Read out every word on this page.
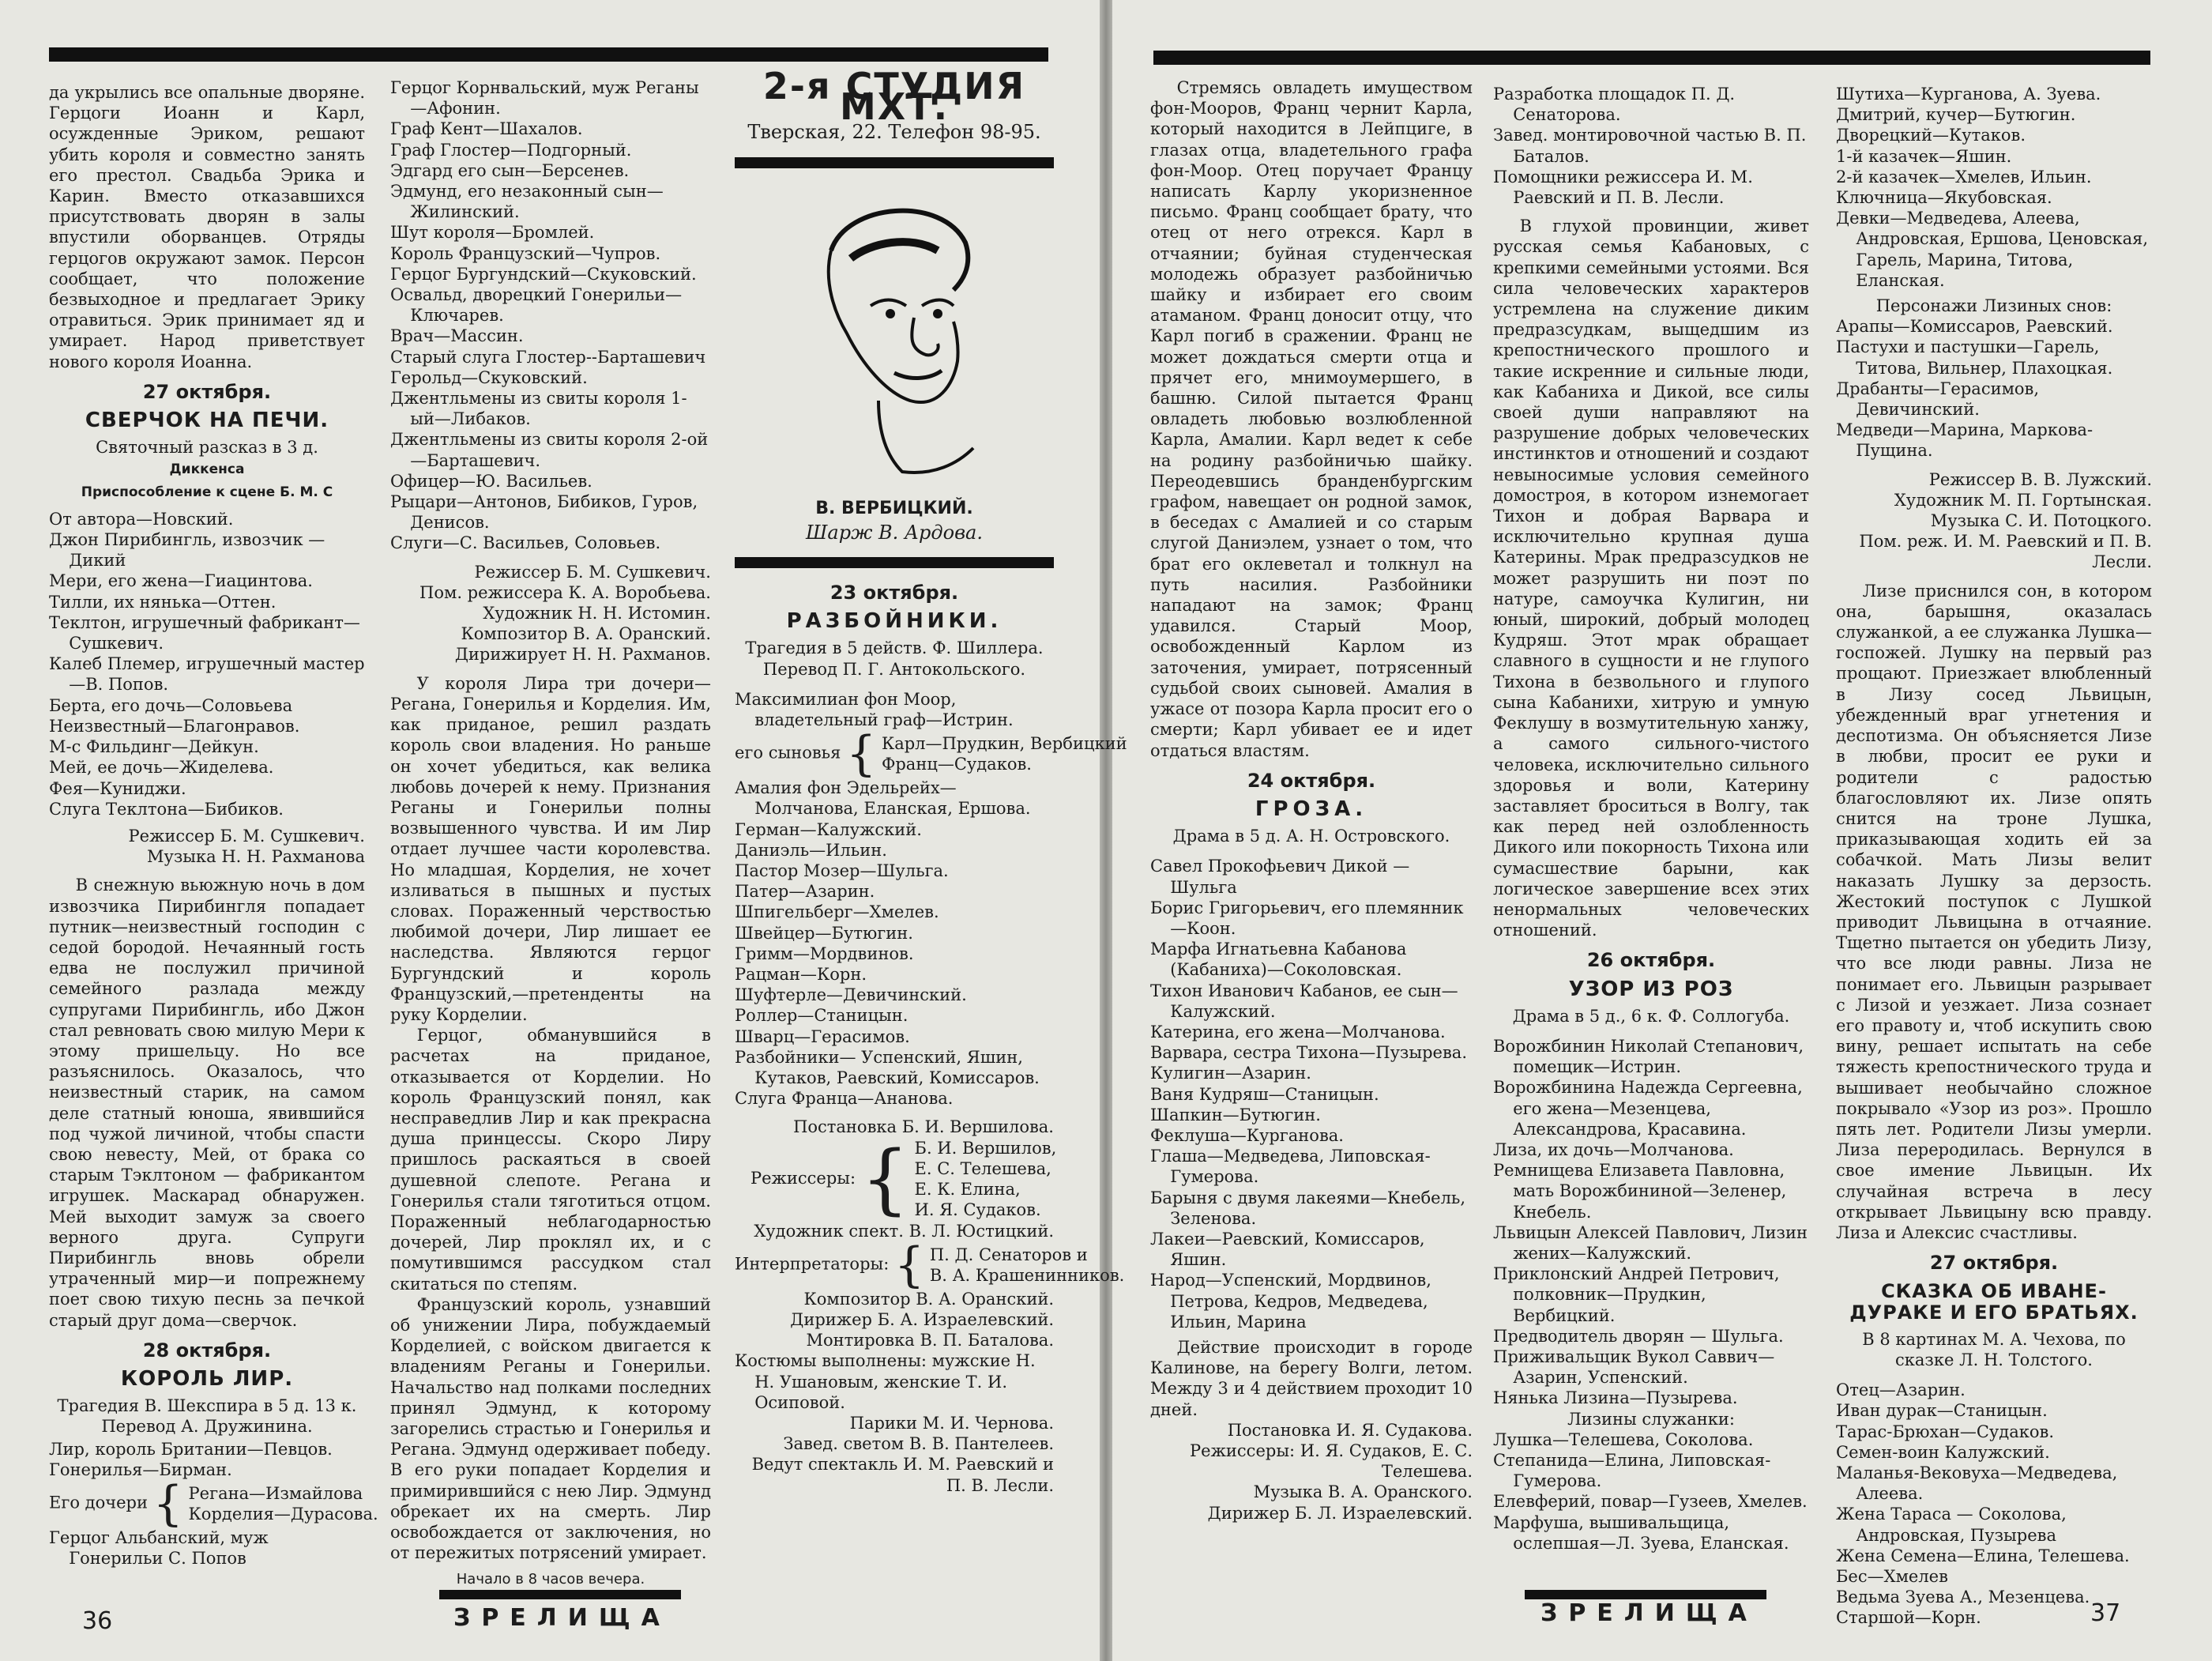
да укрылись все опальные дворяне. Герцоги Иоанн и Карл, осужденные Эриком, решают убить короля и совместно занять его престол. Свадьба Эрика и Карин. Вместо отказавшихся присутствовать дворян в залы впустили оборванцев. Отряды герцогов окружают замок. Персон сообщает, что положение безвыходное и предлагает Эрику отравиться. Эрик принимает яд и умирает. Народ приветствует нового короля Иоанна.

27 октября.
СВЕРЧОК НА ПЕЧИ.
Святочный разсказ в 3 д.
Диккенса
Приспособление к сцене Б. М. С
От автора—Новский.
Джон Пирибингль, извозчик — Дикий
Мери, его жена—Гиацинтова.
Тилли, их нянька—Оттен.
Теклтон, игрушечный фабрикант—Сушкевич.
Калеб Племер, игрушечный мастер—В. Попов.
Берта, его дочь—Соловьева
Неизвестный—Благонравов.
М-с Фильдинг—Дейкун.
Мей, ее дочь—Жиделева.
Фея—Куниджи.
Слуга Теклтона—Бибиков.
Режиссер Б. М. Сушкевич.
Музыка Н. Н. Рахманова

В снежную вьюжную ночь в дом извозчика Пирибингля попадает путник—неизвестный господин с седой бородой. Нечаянный гость едва не послужил причиной семейного разлада между супругами Пирибингль, ибо Джон стал ревновать свою милую Мери к этому пришельцу. Но все разъяснилось. Оказалось, что неизвестный старик, на самом деле статный юноша, явившийся под чужой личиной, чтобы спасти свою невесту, Мей, от брака со старым Тэклтоном — фабрикантом игрушек. Маскарад обнаружен. Мей выходит замуж за своего верного друга. Супруги Пирибингль вновь обрели утраченный мир—и попрежнему поет свою тихую песнь за печкой старый друг дома—сверчок.

28 октября.
КОРОЛЬ ЛИР.
Трагедия В. Шекспира в 5 д. 13 к. Перевод А. Дружинина.
Лир, король Британии—Певцов.
Гонерилья—Бирман.
Его дочери { Регана—Измайлова
Корделия—Дурасова.
Герцог Альбанский, муж Гонерильи С. Попов
Герцог Корнвальский, муж Реганы—Афонин.
Граф Кент—Шахалов.
Граф Глостер—Подгорный.
Эдгард его сын—Берсенев.
Эдмунд, его незаконный сын—Жилинский.
Шут короля—Бромлей.
Король Французский—Чупров.
Герцог Бургундский—Скуковский.
Освальд, дворецкий Гонерильи—Ключарев.
Врач—Массин.
Старый слуга Глостер--Барташевич
Герольд—Скуковский.
Джентльмены из свиты короля 1-ый—Либаков.
Джентльмены из свиты короля 2-ой—Барташевич.
Офицер—Ю. Васильев.
Рыцари—Антонов, Бибиков, Гуров, Денисов.
Слуги—С. Васильев, Соловьев.
Режиссер Б. М. Сушкевич.
Пом. режиссера К. А. Воробьева.
Художник Н. Н. Истомин.
Композитор В. А. Оранский.
Дирижирует Н. Н. Рахманов.

У короля Лира три дочери—Регана, Гонерилья и Корделия. Им, как приданое, решил раздать король свои владения. Но раньше он хочет убедиться, как велика любовь дочерей к нему. Признания Реганы и Гонерильи полны возвышенного чувства. И им Лир отдает лучшее части королевства. Но младшая, Корделия, не хочет изливаться в пышных и пустых словах. Пораженный черствостью любимой дочери, Лир лишает ее наследства. Являются герцог Бургундский и король Французский,—претенденты на руку Корделии.

Герцог, обманувшийся в расчетах на приданое, отказывается от Корделии. Но король Французский понял, как несправедлив Лир и как прекрасна душа принцессы. Скоро Лиру пришлось раскаяться в своей душевной слепоте. Регана и Гонерилья стали тяготиться отцом. Пораженный неблагодарностью дочерей, Лир проклял их, и с помутившимся рассудком стал скитаться по степям.

Французский король, узнавший об унижении Лира, побуждаемый Корделией, с войском двигается к владениям Реганы и Гонерильи. Начальство над полками последних принял Эдмунд, к которому загорелись страстью и Гонерилья и Регана. Эдмунд одерживает победу. В его руки попадает Корделия и примирившийся с нею Лир. Эдмунд обрекает их на смерть. Лир освобождается от заключения, но от пережитых потрясений умирает.

Начало в 8 часов вечера.
2-я СТУДИЯ МХТ.
Тверская, 22. Телефон 98-95.
В. ВЕРБИЦКИЙ.
Шарж В. Ардова.
23 октября.
РАЗБОЙНИКИ.
Трагедия в 5 действ. Ф. Шиллера. Перевод П. Г. Антокольского.
Максимилиан фон Моор, владетельный граф—Истрин.
его сыновья { Карл—Прудкин, Вербицкий
Франц—Судаков.
Амалия фон Эдельрейх—Молчанова, Еланская, Ершова.
Герман—Калужский.
Даниэль—Ильин.
Пастор Мозер—Шульга.
Патер—Азарин.
Шпигельберг—Хмелев.
Швейцер—Бутюгин.
Гримм—Мордвинов.
Рацман—Корн.
Шуфтерле—Девичинский.
Роллер—Станицын.
Шварц—Герасимов.
Разбойники— Успенский, Яшин, Кутаков, Раевский, Комиссаров.
Слуга Франца—Ананова.
Постановка Б. И. Вершилова.
Режиссеры: { Б. И. Вершилов,
Е. С. Телешева,
Е. К. Елина,
И. Я. Судаков.
Художник спект. В. Л. Юстицкий.
Интерпретаторы: { П. Д. Сенаторов и
В. А. Крашенинников.
Композитор В. А. Оранский.
Дирижер Б. А. Израелевский.
Монтировка В. П. Баталова.
Костюмы выполнены: мужские Н. Н. Ушановым, женские Т. И. Осиповой.
Парики М. И. Чернова.
Завед. светом В. В. Пантелеев.
Ведут спектакль И. М. Раевский и П. В. Лесли.
36	ЗРЕЛИЩА

Стремясь овладеть имуществом фон-Мооров, Франц чернит Карла, который находится в Лейпциге, в глазах отца, владетельного графа фон-Моор. Отец поручает Францу написать Карлу укоризненное письмо. Франц сообщает брату, что отец от него отрекся. Карл в отчаянии; буйная студенческая молодежь образует разбойничью шайку и избирает его своим атаманом. Франц доносит отцу, что Карл погиб в сражении. Франц не может дождаться смерти отца и прячет его, мнимоумершего, в башню. Силой пытается Франц овладеть любовью возлюбленной Карла, Амалии. Карл ведет к себе на родину разбойничью шайку. Переодевшись бранденбургским графом, навещает он родной замок, в беседах с Амалией и со старым слугой Даниэлем, узнает о том, что брат его оклеветал и толкнул на путь насилия. Разбойники нападают на замок; Франц удавился. Старый Моор, освобожденный Карлом из заточения, умирает, потрясенный судьбой своих сыновей. Амалия в ужасе от позора Карла просит его о смерти; Карл убивает ее и идет отдаться властям.

24 октября.
ГРОЗА.
Драма в 5 д. А. Н. Островского.
Савел Прокофьевич Дикой — Шульга
Борис Григорьевич, его племянник—Коон.
Марфа Игнатьевна Кабанова (Кабаниха)—Соколовская.
Тихон Иванович Кабанов, ее сын—Калужский.
Катерина, его жена—Молчанова.
Варвара, сестра Тихона—Пузырева.
Кулигин—Азарин.
Ваня Кудряш—Станицын.
Шапкин—Бутюгин.
Феклуша—Курганова.
Глаша—Медведева, Липовская-Гумерова.
Барыня с двумя лакеями—Кнебель, Зеленова.
Лакеи—Раевский, Комиссаров, Яшин.
Народ—Успенский, Мордвинов, Петрова, Кедров, Медведева, Ильин, Марина

Действие происходит в городе Калинове, на берегу Волги, летом. Между 3 и 4 действием проходит 10 дней.

Постановка И. Я. Судакова.
Режиссеры: И. Я. Судаков, Е. С. Телешева.
Музыка В. А. Оранского.
Дирижер Б. Л. Израелевский.
Разработка площадок П. Д. Сенаторова.
Завед. монтировочной частью В. П. Баталов.
Помощники режиссера И. М. Раевский и П. В. Лесли.

В глухой провинции, живет русская семья Кабановых, с крепкими семейными устоями. Вся сила человеческих характеров устремлена на служение диким предразсудкам, выщедшим из крепостнического прошлого и такие искренние и сильные люди, как Кабаниха и Дикой, все силы своей души направляют на разрушение добрых человеческих инстинктов и отношений и создают невыносимые условия семейного домостроя, в котором изнемогает Тихон и добрая Варвара и исключительно крупная душа Катерины. Мрак предразсудков не может разрушить ни поэт по натуре, самоучка Кулигин, ни юный, широкий, добрый молодец Кудряш. Этот мрак обращает славного в сущности и не глупого Тихона в безвольного и глупого сына Кабанихи, хитрую и умную Феклушу в возмутительную ханжу, а самого сильного-чистого человека, исключительно сильного здоровья и воли, Катерину заставляет броситься в Волгу, так как перед ней озлобленность Дикого или покорность Тихона или сумасшествие барыни, как логическое завершение всех этих ненормальных человеческих отношений.

26 октября.
УЗОР ИЗ РОЗ
Драма в 5 д., 6 к. Ф. Соллогуба.
Ворожбинин Николай Степанович, помещик—Истрин.
Ворожбинина Надежда Сергеевна, его жена—Мезенцева, Александрова, Красавина.
Лиза, их дочь—Молчанова.
Ремнищева Елизавета Павловна, мать Ворожбининой—Зеленер, Кнебель.
Львицын Алексей Павлович, Лизин жених—Калужский.
Приклонский Андрей Петрович, полковник—Прудкин, Вербицкий.
Предводитель дворян — Шульга.
Приживальщик Вукол Саввич—Азарин, Успенский.
Нянька Лизина—Пузырева.
Лизины служанки:
Лушка—Телешева, Соколова.
Степанида—Елина, Липовская-Гумерова.
Елевферий, повар—Гузеев, Хмелев.
Марфуша, вышивальщица, ослепшая—Л. Зуева, Еланская.
Шутиха—Курганова, А. Зуева.
Дмитрий, кучер—Бутюгин.
Дворецкий—Кутаков.
1-й казачек—Яшин.
2-й казачек—Хмелев, Ильин.
Ключница—Якубовская.
Девки—Медведева, Алеева, Андровская, Ершова, Ценовская, Гарель, Марина, Титова, Еланская.
Персонажи Лизиных снов:
Арапы—Комиссаров, Раевский.
Пастухи и пастушки—Гарель, Титова, Вильнер, Плахоцкая.
Драбанты—Герасимов, Девичинский.
Медведи—Марина, Маркова-Пущина.
Режиссер В. В. Лужский.
Художник М. П. Гортынская.
Музыка С. И. Потоцкого.
Пом. реж. И. М. Раевский и П. В. Лесли.

Лизе приснился сон, в котором она, барышня, оказалась служанкой, а ее служанка Лушка—госпожей. Лушку на первый раз прощают. Приезжает влюбленный в Лизу сосед Львицын, убежденный враг угнетения и деспотизма. Он объясняется Лизе в любви, просит ее руки и родители с радостью благословляют их. Лизе опять снится на троне Лушка, приказывающая ходить ей за собачкой. Мать Лизы велит наказать Лушку за дерзость. Жестокий поступок с Лушкой приводит Львицына в отчаяние. Тщетно пытается он убедить Лизу, что все люди равны. Лиза не понимает его. Львицын разрывает с Лизой и уезжает. Лиза сознает его правоту и, чтоб искупить свою вину, решает испытать на себе тяжесть крепостнического труда и вышивает необычайно сложное покрывало «Узор из роз». Прошло пять лет. Родители Лизы умерли. Лиза переродилась. Вернулся в свое имение Львицын. Их случайная встреча в лесу открывает Львицыну всю правду. Лиза и Алексис счастливы.

27 октября.
СКАЗКА ОБ ИВАНЕ-ДУРАКЕ И ЕГО БРАТЬЯХ.
В 8 картинах М. А. Чехова, по сказке Л. Н. Толстого.
Отец—Азарин.
Иван дурак—Станицын.
Тарас-Брюхан—Судаков.
Семен-воин Калужский.
Маланья-Вековуха—Медведева, Алеева.
Жена Тараса — Соколова, Андровская, Пузырева
Жена Семена—Елина, Телешева.
Бес—Хмелев
Ведьма Зуева А., Мезенцева.
Старшой—Корн.
ЗРЕЛИЩА	37
